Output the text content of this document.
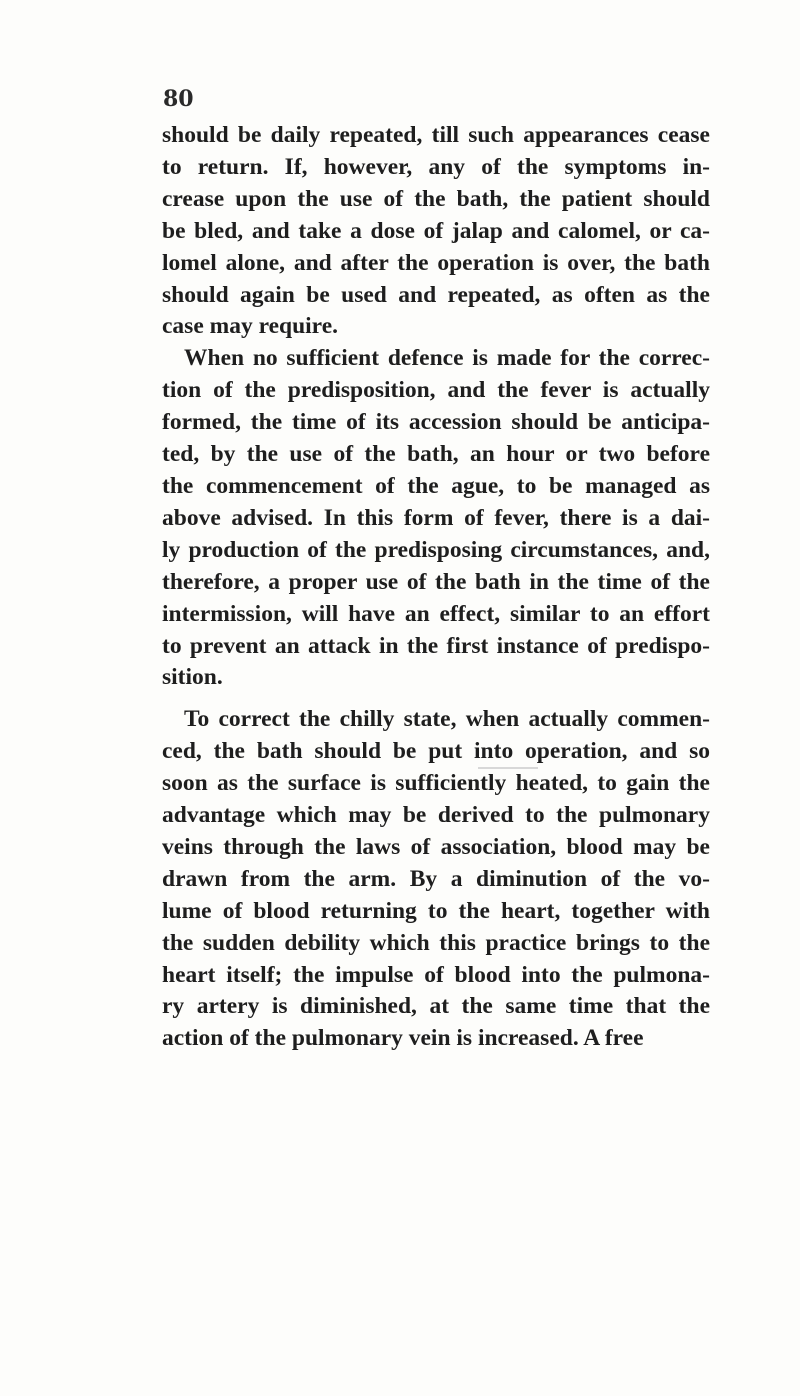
80

should be daily repeated, till such appearances cease
to return. If, however, any of the symptoms in-
crease upon the use of the bath, the patient should
be bled, and take a dose of jalap and calomel, or ca-
lomel alone, and after the operation is over, the bath
should again be used and repeated, as often as the
case may require.

When no sufficient defence is made for the correc-
tion of the predisposition, and the fever is actually
formed, the time of its accession should be anticipa-
ted, by the use of the bath, an hour or two before
the commencement of the ague, to be managed as
above advised. In this form of fever, there is a dai-
ly production of the predisposing circumstances, and,
therefore, a proper use of the bath in the time of the
intermission, will have an effect, similar to an effort
to prevent an attack in the first instance of predispo-
sition.

To correct the chilly state, when actually commen-
ced, the bath should be put into operation, and so
soon as the surface is sufficiently heated, to gain the
advantage which may be derived to the pulmonary
veins through the laws of association, blood may be
drawn from the arm. By a diminution of the vo-
lume of blood returning to the heart, together with
the sudden debility which this practice brings to the
heart itself; the impulse of blood into the pulmona-
ry artery is diminished, at the same time that the
action of the pulmonary vein is increased. A free
